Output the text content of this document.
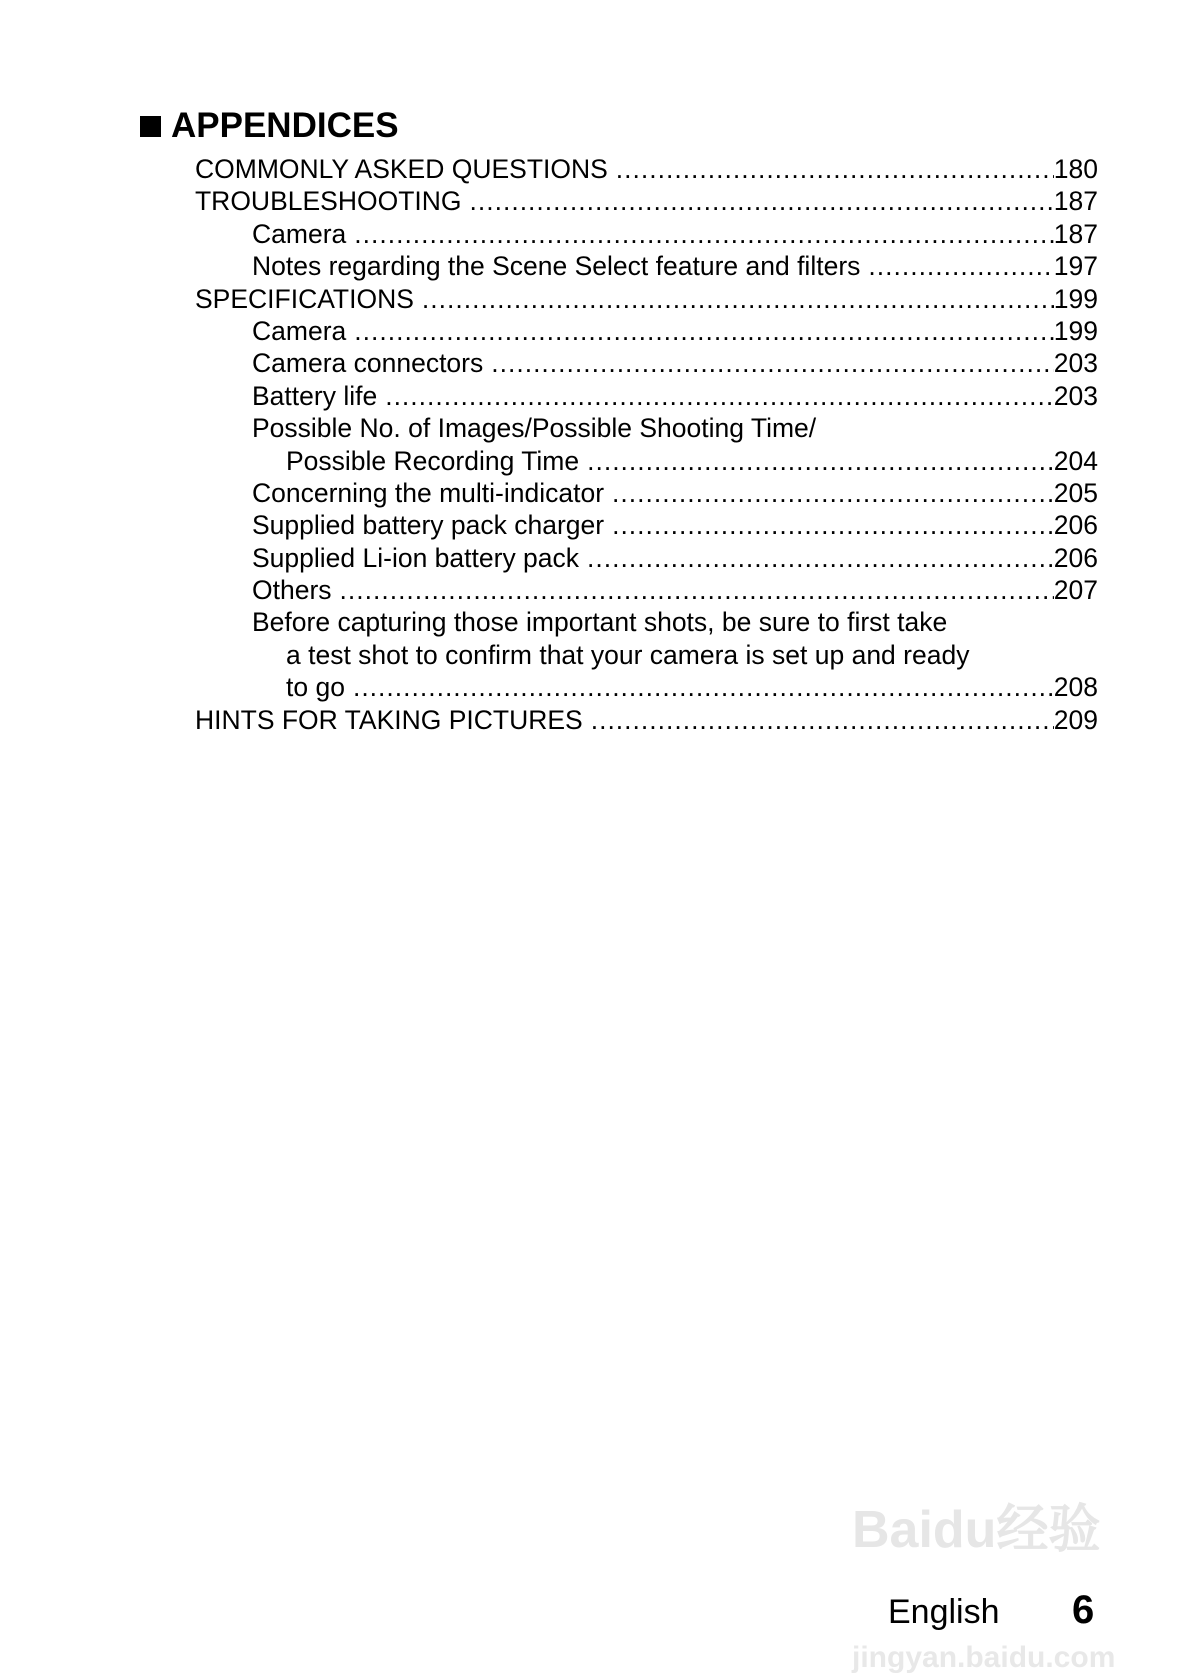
APPENDICES
COMMONLY ASKED QUESTIONS .....	180
TROUBLESHOOTING .....	187
Camera .....	187
Notes regarding the Scene Select feature and filters .....	197
SPECIFICATIONS .....	199
Camera .....	199
Camera connectors .....	203
Battery life .....	203
Possible No. of Images/Possible Shooting Time/
Possible Recording Time .....	204
Concerning the multi-indicator .....	205
Supplied battery pack charger .....	206
Supplied Li-ion battery pack .....	206
Others .....	207
Before capturing those important shots, be sure to first take
a test shot to confirm that your camera is set up and ready
to go .....	208
HINTS FOR TAKING PICTURES .....	209
Baidu经验
English 6
jingyan.baidu.com
